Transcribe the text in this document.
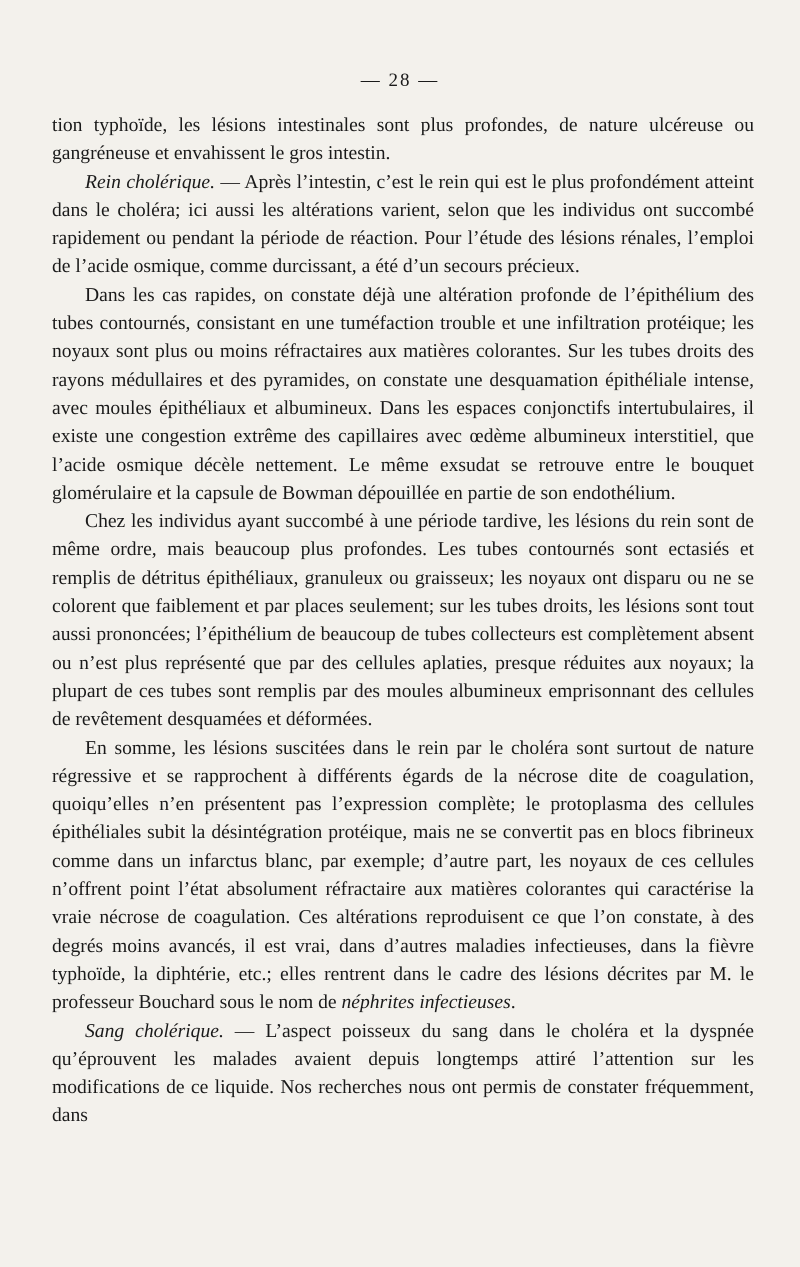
— 28 —

tion typhoïde, les lésions intestinales sont plus profondes, de nature ulcéreuse ou gangréneuse et envahissent le gros intestin.

Rein cholérique. — Après l’intestin, c’est le rein qui est le plus profondément atteint dans le choléra; ici aussi les altérations varient, selon que les individus ont succombé rapidement ou pendant la période de réaction. Pour l’étude des lésions rénales, l’emploi de l’acide osmique, comme durcissant, a été d’un secours précieux.

Dans les cas rapides, on constate déjà une altération profonde de l’épithélium des tubes contournés, consistant en une tuméfaction trouble et une infiltration protéique; les noyaux sont plus ou moins réfractaires aux matières colorantes. Sur les tubes droits des rayons médullaires et des pyramides, on constate une desquamation épithéliale intense, avec moules épithéliaux et albumineux. Dans les espaces conjonctifs intertubulaires, il existe une congestion extrême des capillaires avec œdème albumineux interstitiel, que l’acide osmique décèle nettement. Le même exsudat se retrouve entre le bouquet glomérulaire et la capsule de Bowman dépouillée en partie de son endothélium.

Chez les individus ayant succombé à une période tardive, les lésions du rein sont de même ordre, mais beaucoup plus profondes. Les tubes contournés sont ectasiés et remplis de détritus épithéliaux, granuleux ou graisseux; les noyaux ont disparu ou ne se colorent que faiblement et par places seulement; sur les tubes droits, les lésions sont tout aussi prononcées; l’épithélium de beaucoup de tubes collecteurs est complètement absent ou n’est plus représenté que par des cellules aplaties, presque réduites aux noyaux; la plupart de ces tubes sont remplis par des moules albumineux emprisonnant des cellules de revêtement desquamées et déformées.

En somme, les lésions suscitées dans le rein par le choléra sont surtout de nature régressive et se rapprochent à différents égards de la nécrose dite de coagulation, quoiqu’elles n’en présentent pas l’expression complète; le protoplasma des cellules épithéliales subit la désintégration protéique, mais ne se convertit pas en blocs fibrineux comme dans un infarctus blanc, par exemple; d’autre part, les noyaux de ces cellules n’offrent point l’état absolument réfractaire aux matières colorantes qui caractérise la vraie nécrose de coagulation. Ces altérations reproduisent ce que l’on constate, à des degrés moins avancés, il est vrai, dans d’autres maladies infectieuses, dans la fièvre typhoïde, la diphtérie, etc.; elles rentrent dans le cadre des lésions décrites par M. le professeur Bouchard sous le nom de néphrites infectieuses.

Sang cholérique. — L’aspect poisseux du sang dans le choléra et la dyspnée qu’éprouvent les malades avaient depuis longtemps attiré l’attention sur les modifications de ce liquide. Nos recherches nous ont permis de constater fréquemment, dans
